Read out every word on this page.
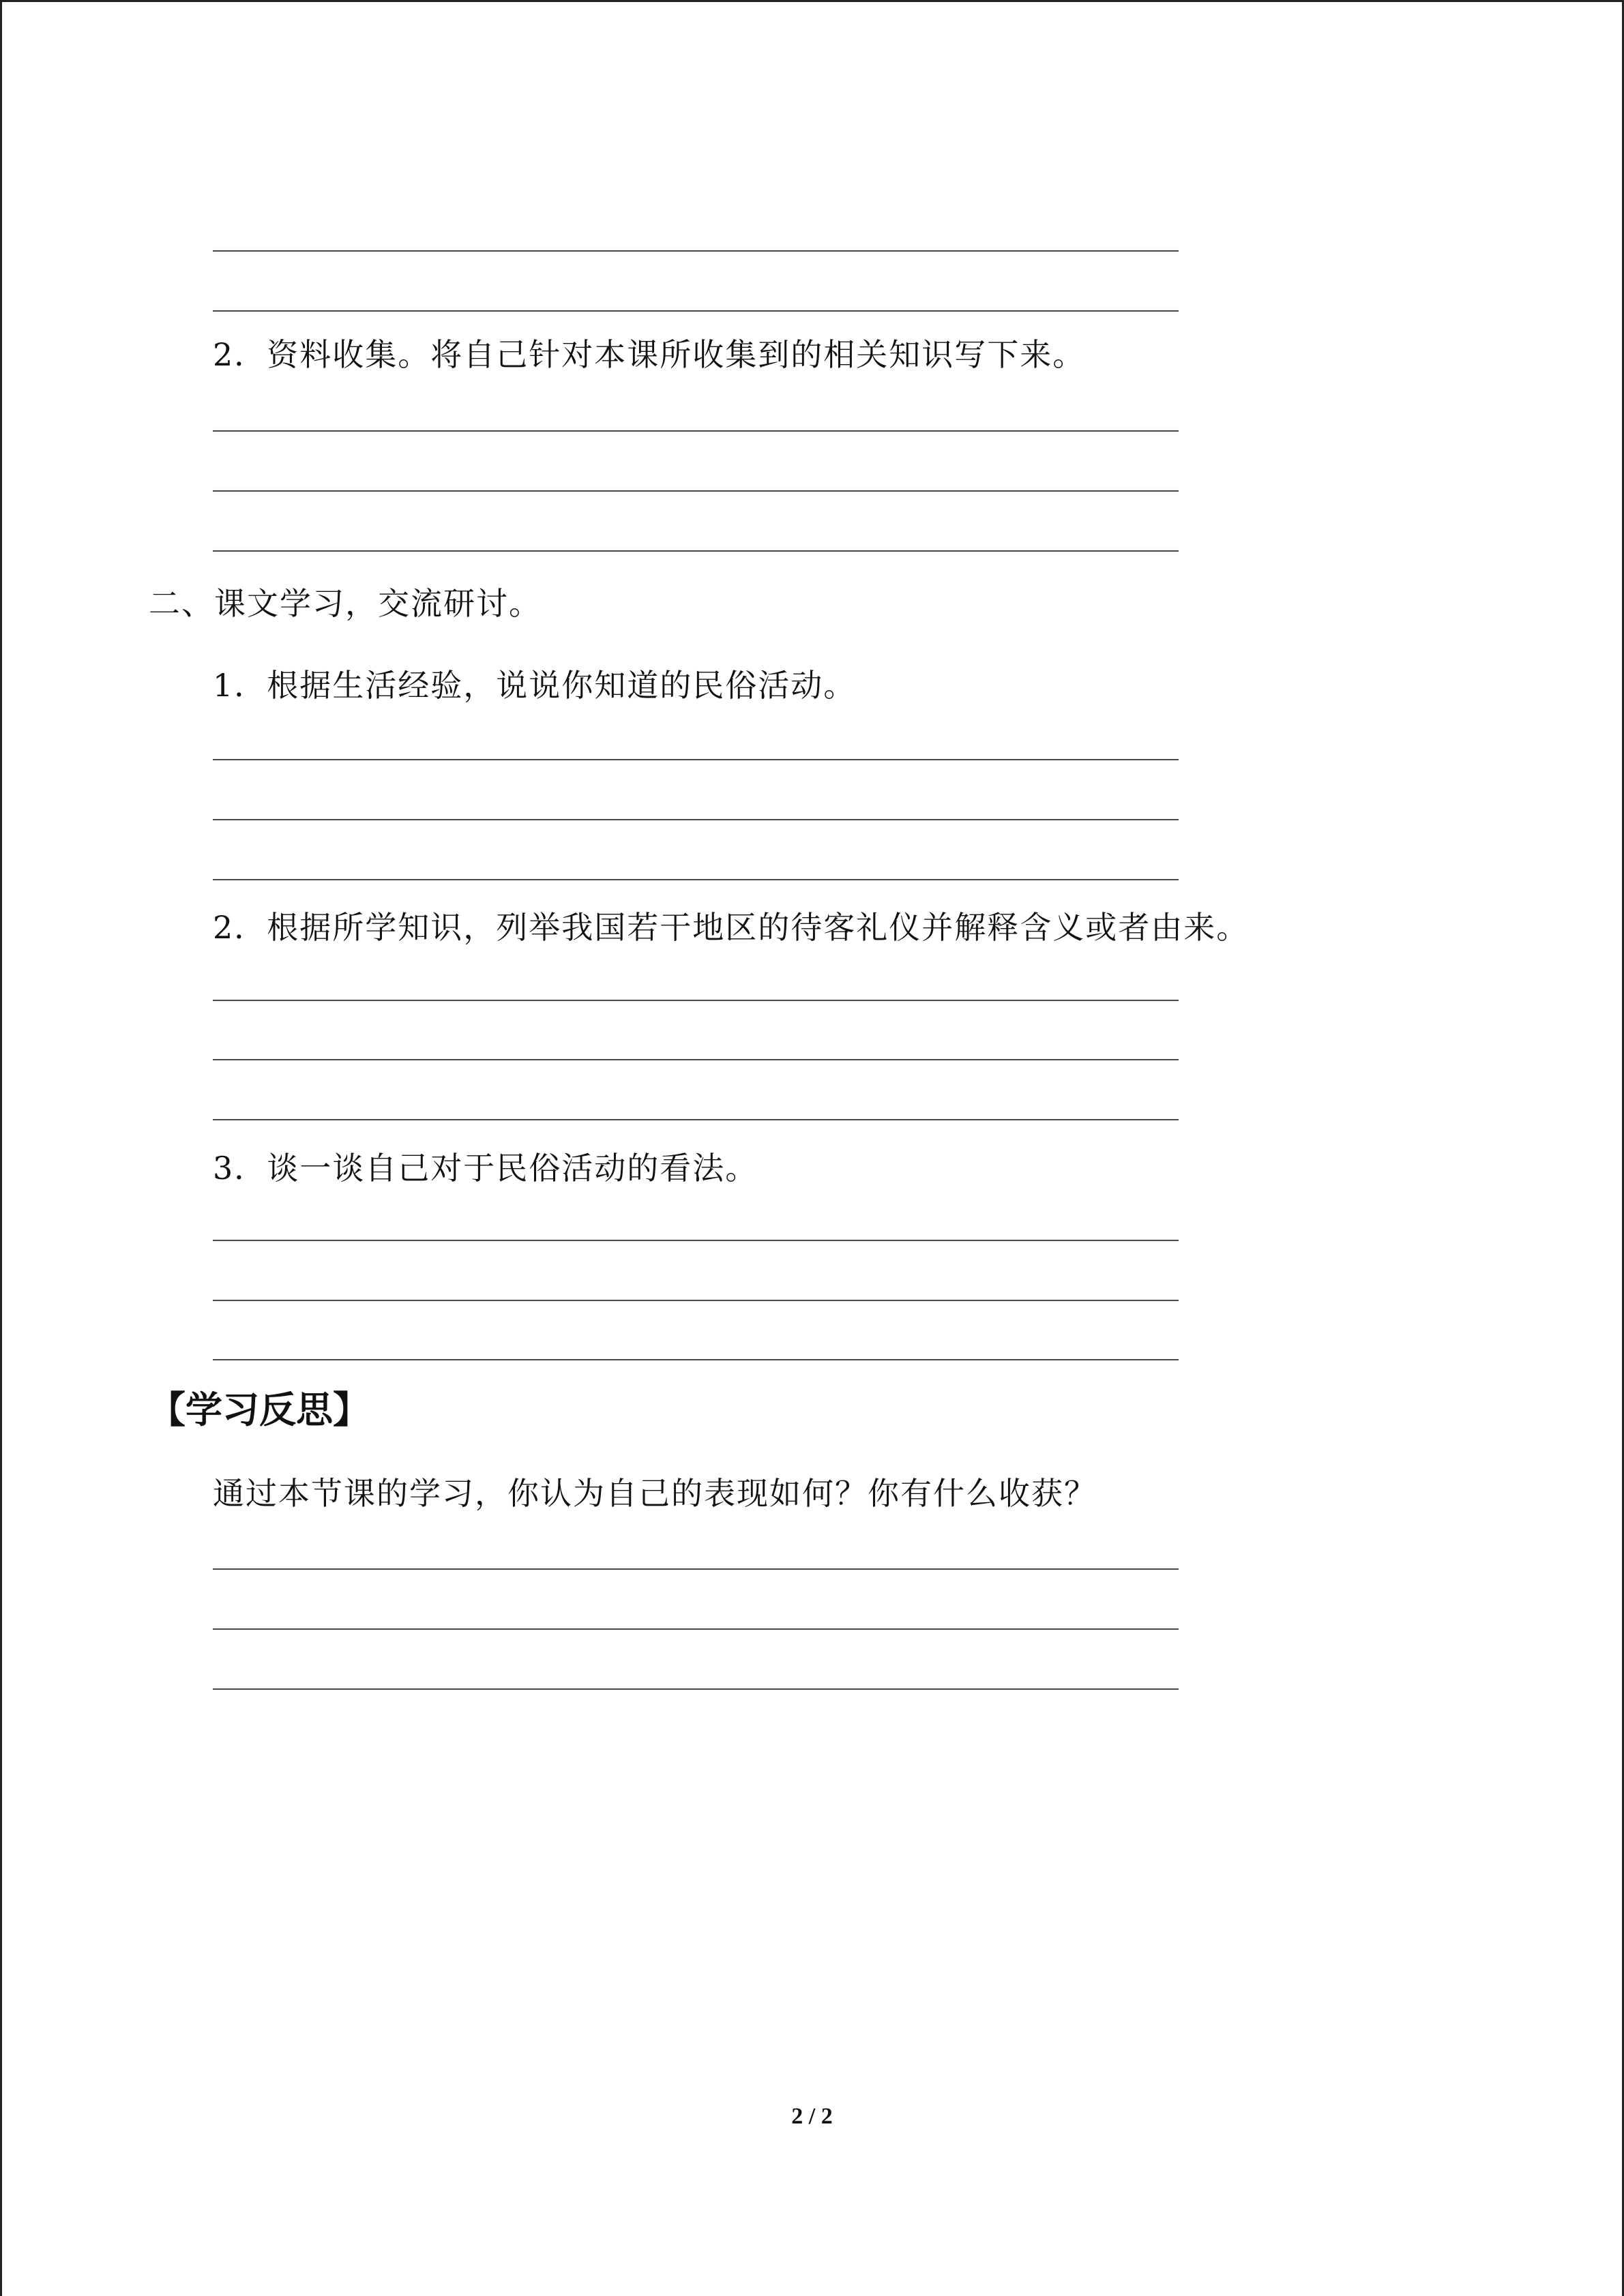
2．资料收集。将自己针对本课所收集到的相关知识写下来。
二、课文学习，交流研讨。
1．根据生活经验，说说你知道的民俗活动。
2．根据所学知识，列举我国若干地区的待客礼仪并解释含义或者由来。
3．谈一谈自己对于民俗活动的看法。
【学习反思】
通过本节课的学习，你认为自己的表现如何？你有什么收获？
2 / 2
